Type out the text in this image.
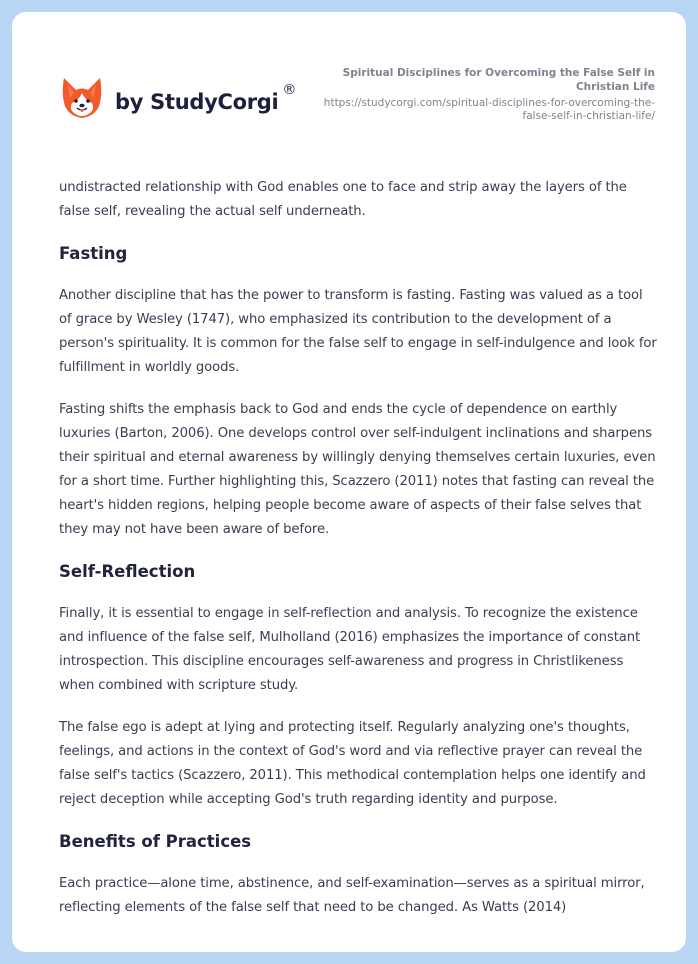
by StudyCorgi ®
Spiritual Disciplines for Overcoming the False Self in Christian Life
https://studycorgi.com/spiritual-disciplines-for-overcoming-the-false-self-in-christian-life/

undistracted relationship with God enables one to face and strip away the layers of the false self, revealing the actual self underneath.

Fasting

Another discipline that has the power to transform is fasting. Fasting was valued as a tool of grace by Wesley (1747), who emphasized its contribution to the development of a person's spirituality. It is common for the false self to engage in self-indulgence and look for fulfillment in worldly goods.

Fasting shifts the emphasis back to God and ends the cycle of dependence on earthly luxuries (Barton, 2006). One develops control over self-indulgent inclinations and sharpens their spiritual and eternal awareness by willingly denying themselves certain luxuries, even for a short time. Further highlighting this, Scazzero (2011) notes that fasting can reveal the heart's hidden regions, helping people become aware of aspects of their false selves that they may not have been aware of before.

Self-Reflection

Finally, it is essential to engage in self-reflection and analysis. To recognize the existence and influence of the false self, Mulholland (2016) emphasizes the importance of constant introspection. This discipline encourages self-awareness and progress in Christlikeness when combined with scripture study.

The false ego is adept at lying and protecting itself. Regularly analyzing one's thoughts, feelings, and actions in the context of God's word and via reflective prayer can reveal the false self's tactics (Scazzero, 2011). This methodical contemplation helps one identify and reject deception while accepting God's truth regarding identity and purpose.

Benefits of Practices

Each practice—alone time, abstinence, and self-examination—serves as a spiritual mirror, reflecting elements of the false self that need to be changed. As Watts (2014)
